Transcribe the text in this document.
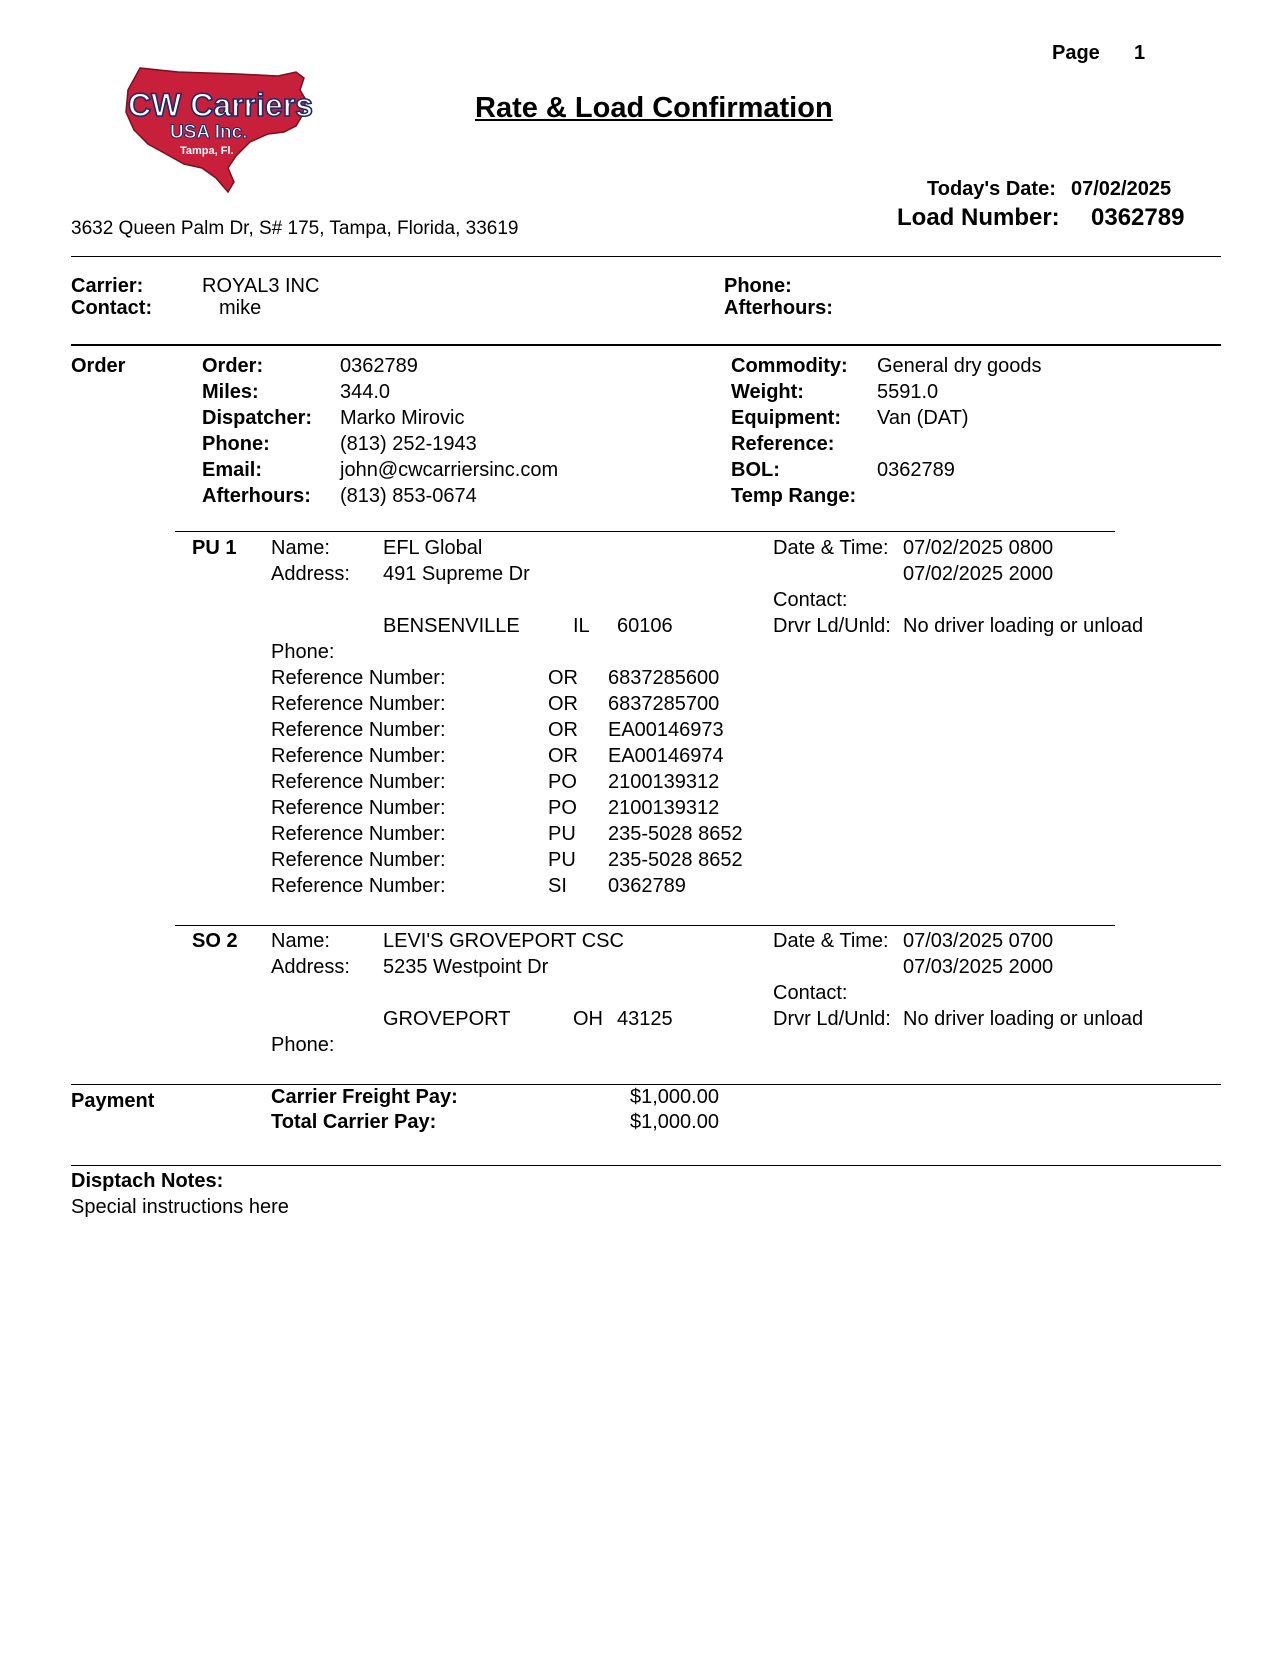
Page 1
CW Carriers
USA Inc.
Tampa, Fl.
Rate & Load Confirmation
Today's Date: 07/02/2025
Load Number: 0362789
3632 Queen Palm Dr, S# 175, Tampa, Florida, 33619
Carrier:	ROYAL3 INC
Contact:	mike
Phone:
Afterhours:
Order	Order:	0362789
Miles:	344.0
Dispatcher: Marko Mirovic
Phone:	(813) 252-1943
Email:	john@cwcarriersinc.com
Afterhours: (813) 853-0674
Commodity: General dry goods
Weight:	5591.0
Equipment: Van (DAT)
Reference:
BOL:	0362789
Temp Range:
PU 1 Name:	EFL Global
Address: 491 Supreme Dr
BENSENVILLE	IL 60106
Phone:
Date & Time: 07/02/2025 0800
07/02/2025 2000
Contact:
Drvr Ld/Unld: No driver loading or unload
Reference Number:	OR 6837285600
Reference Number:	OR 6837285700
Reference Number:	OR EA00146973
Reference Number:	OR EA00146974
Reference Number:	PO 2100139312
Reference Number:	PO 2100139312
Reference Number:	PU 235-5028 8652
Reference Number:	PU 235-5028 8652
Reference Number:	SI 0362789
SO 2 Name:	LEVI'S GROVEPORT CSC
Address: 5235 Westpoint Dr
GROVEPORT	OH 43125
Phone:
Date & Time: 07/03/2025 0700
07/03/2025 2000
Contact:
Drvr Ld/Unld: No driver loading or unload
Payment	Carrier Freight Pay:	$1,000.00
Total Carrier Pay:	$1,000.00
Disptach Notes:
Special instructions here
